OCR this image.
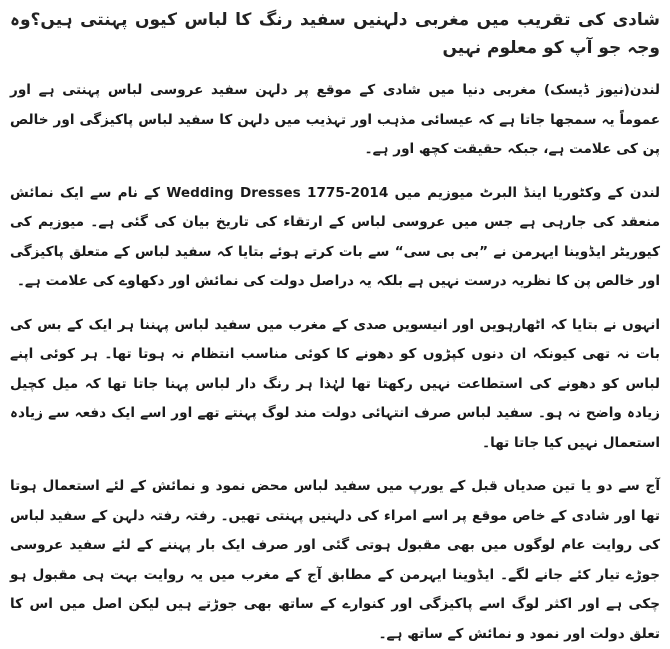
شادی کی تقریب میں مغربی دلہنیں سفید رنگ کا لباس کیوں پہنتی ہیں؟وہ وجہ جو آپ کو معلوم نہیں

لندن(نیوز ڈیسک) مغربی دنیا میں شادی کے موقع پر دلہن سفید عروسی لباس پہنتی ہے اور عموماً یہ سمجھا جاتا ہے کہ عیسائی مذہب اور تہذیب میں دلہن کا سفید لباس پاکیزگی اور خالص پن کی علامت ہے، جبکہ حقیقت کچھ اور ہے۔

لندن کے وکٹوریا اینڈ البرٹ میوزیم میں Wedding Dresses 1775-2014 کے نام سے ایک نمائش منعقد کی جارہی ہے جس میں عروسی لباس کے ارتقاء کی تاریخ بیان کی گئی ہے۔ میوزیم کی کیوریٹر ایڈوینا ایہرمن نے ”بی بی سی“ سے بات کرتے ہوئے بتایا کہ سفید لباس کے متعلق پاکیزگی اور خالص پن کا نظریہ درست نہیں ہے بلکہ یہ دراصل دولت کی نمائش اور دکھاوے کی علامت ہے۔

انہوں نے بتایا کہ اٹھارہویں اور انیسویں صدی کے مغرب میں سفید لباس پہننا ہر ایک کے بس کی بات نہ تھی کیونکہ ان دنوں کپڑوں کو دھونے کا کوئی مناسب انتظام نہ ہوتا تھا۔ ہر کوئی اپنے لباس کو دھونے کی استطاعت نہیں رکھتا تھا لہٰذا ہر رنگ دار لباس پہنا جاتا تھا کہ میل کچیل زیادہ واضح نہ ہو۔ سفید لباس صرف انتہائی دولت مند لوگ پہنتے تھے اور اسے ایک دفعہ سے زیادہ استعمال نہیں کیا جاتا تھا۔

آج سے دو یا تین صدیاں قبل کے یورپ میں سفید لباس محض نمود و نمائش کے لئے استعمال ہوتا تھا اور شادی کے خاص موقع پر اسے امراء کی دلہنیں پہنتی تھیں۔ رفتہ رفتہ دلہن کے سفید لباس کی روایت عام لوگوں میں بھی مقبول ہوتی گئی اور صرف ایک بار پہننے کے لئے سفید عروسی جوڑے تیار کئے جانے لگے۔ ایڈوینا ایہرمن کے مطابق آج کے مغرب میں یہ روایت بہت ہی مقبول ہو چکی ہے اور اکثر لوگ اسے پاکیزگی اور کنوارے کے ساتھ بھی جوڑتے ہیں لیکن اصل میں اس کا تعلق دولت اور نمود و نمائش کے ساتھ ہے۔
